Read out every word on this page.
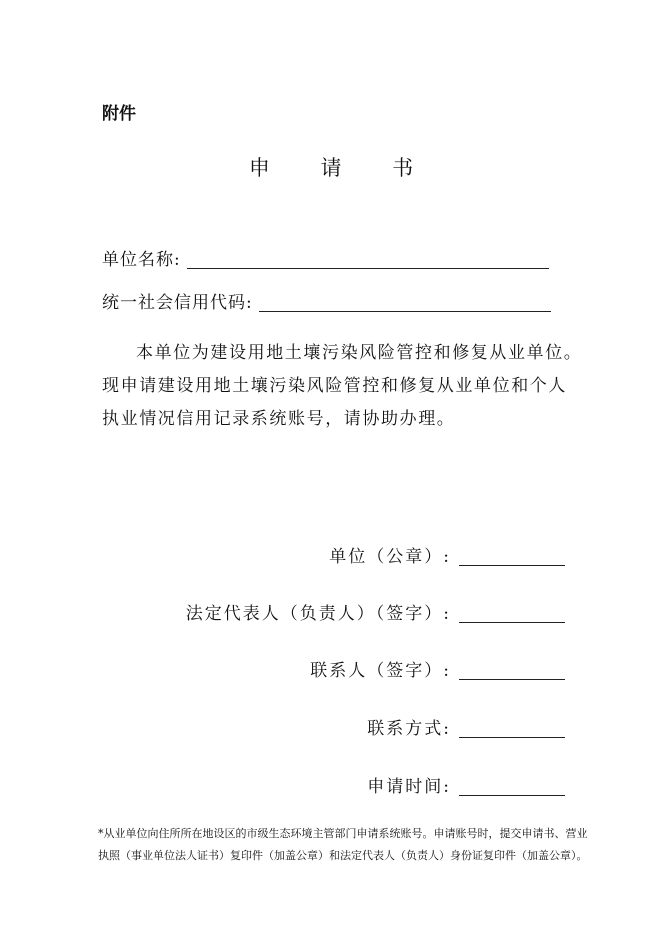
附件
申 请 书
单位名称:
统一社会信用代码:
本单位为建设用地土壤污染风险管控和修复从业单位。
现申请建设用地土壤污染风险管控和修复从业单位和个人
执业情况信用记录系统账号，请协助办理。
单位（公章）:
法定代表人（负责人）（签字）:
联系人（签字）:
联系方式:
申请时间:
*从业单位向住所所在地设区的市级生态环境主管部门申请系统账号。申请账号时，提交申请书、营业
执照（事业单位法人证书）复印件（加盖公章）和法定代表人（负责人）身份证复印件（加盖公章）。
